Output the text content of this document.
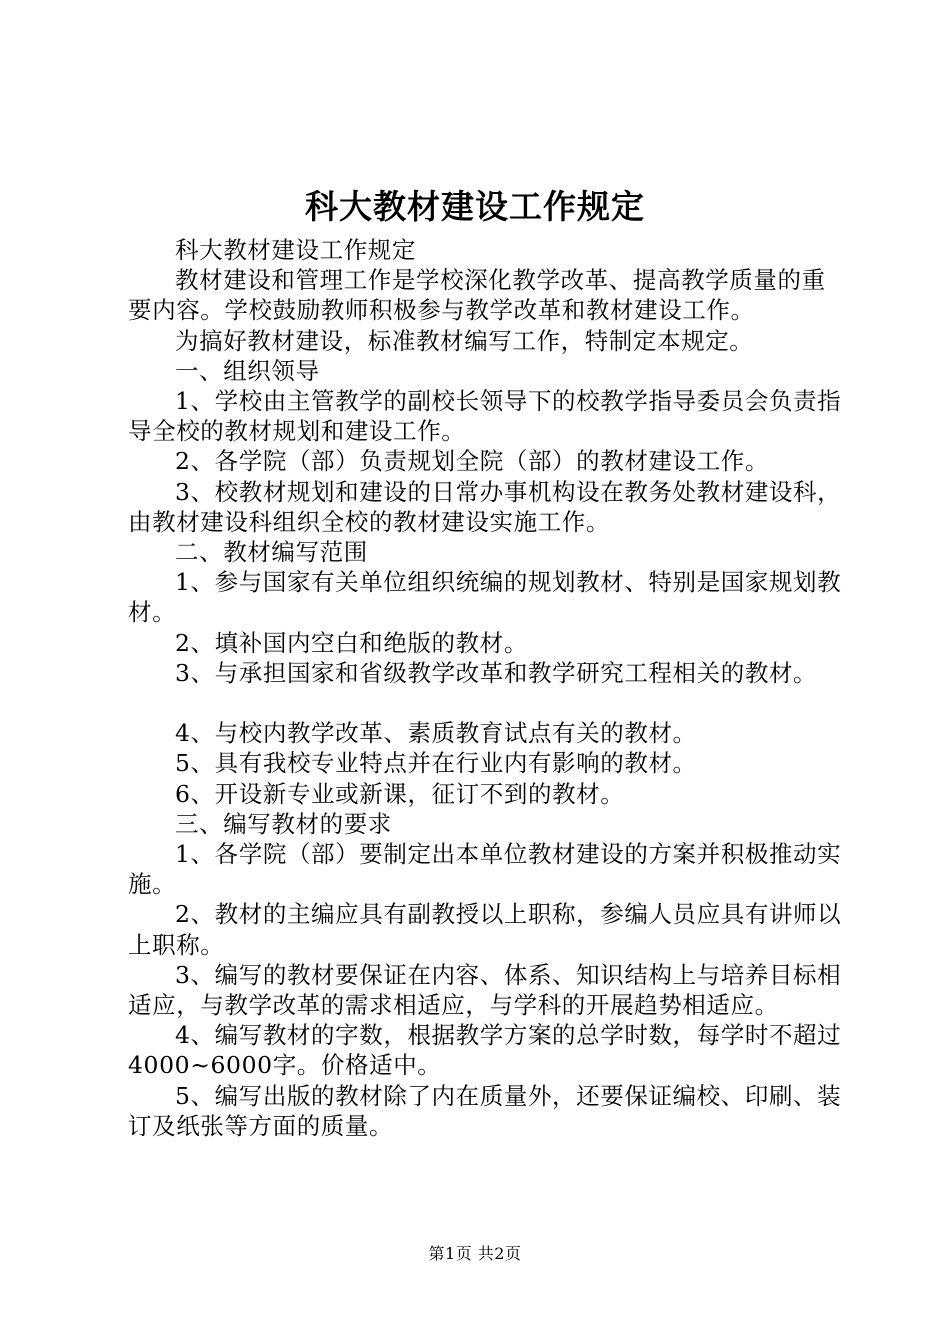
科大教材建设工作规定

科大教材建设工作规定

教材建设和管理工作是学校深化教学改革、提高教学质量的重要内容。学校鼓励教师积极参与教学改革和教材建设工作。

为搞好教材建设，标准教材编写工作，特制定本规定。

一、组织领导

1、学校由主管教学的副校长领导下的校教学指导委员会负责指导全校的教材规划和建设工作。

2、各学院（部）负责规划全院（部）的教材建设工作。

3、校教材规划和建设的日常办事机构设在教务处教材建设科，由教材建设科组织全校的教材建设实施工作。

二、教材编写范围

1、参与国家有关单位组织统编的规划教材、特别是国家规划教材。

2、填补国内空白和绝版的教材。

3、与承担国家和省级教学改革和教学研究工程相关的教材。

4、与校内教学改革、素质教育试点有关的教材。

5、具有我校专业特点并在行业内有影响的教材。

6、开设新专业或新课，征订不到的教材。

三、编写教材的要求

1、各学院（部）要制定出本单位教材建设的方案并积极推动实施。

2、教材的主编应具有副教授以上职称，参编人员应具有讲师以上职称。

3、编写的教材要保证在内容、体系、知识结构上与培养目标相适应，与教学改革的需求相适应，与学科的开展趋势相适应。

4、编写教材的字数，根据教学方案的总学时数，每学时不超过4000~6000字。价格适中。

5、编写出版的教材除了内在质量外，还要保证编校、印刷、装订及纸张等方面的质量。

第1页 共2页
